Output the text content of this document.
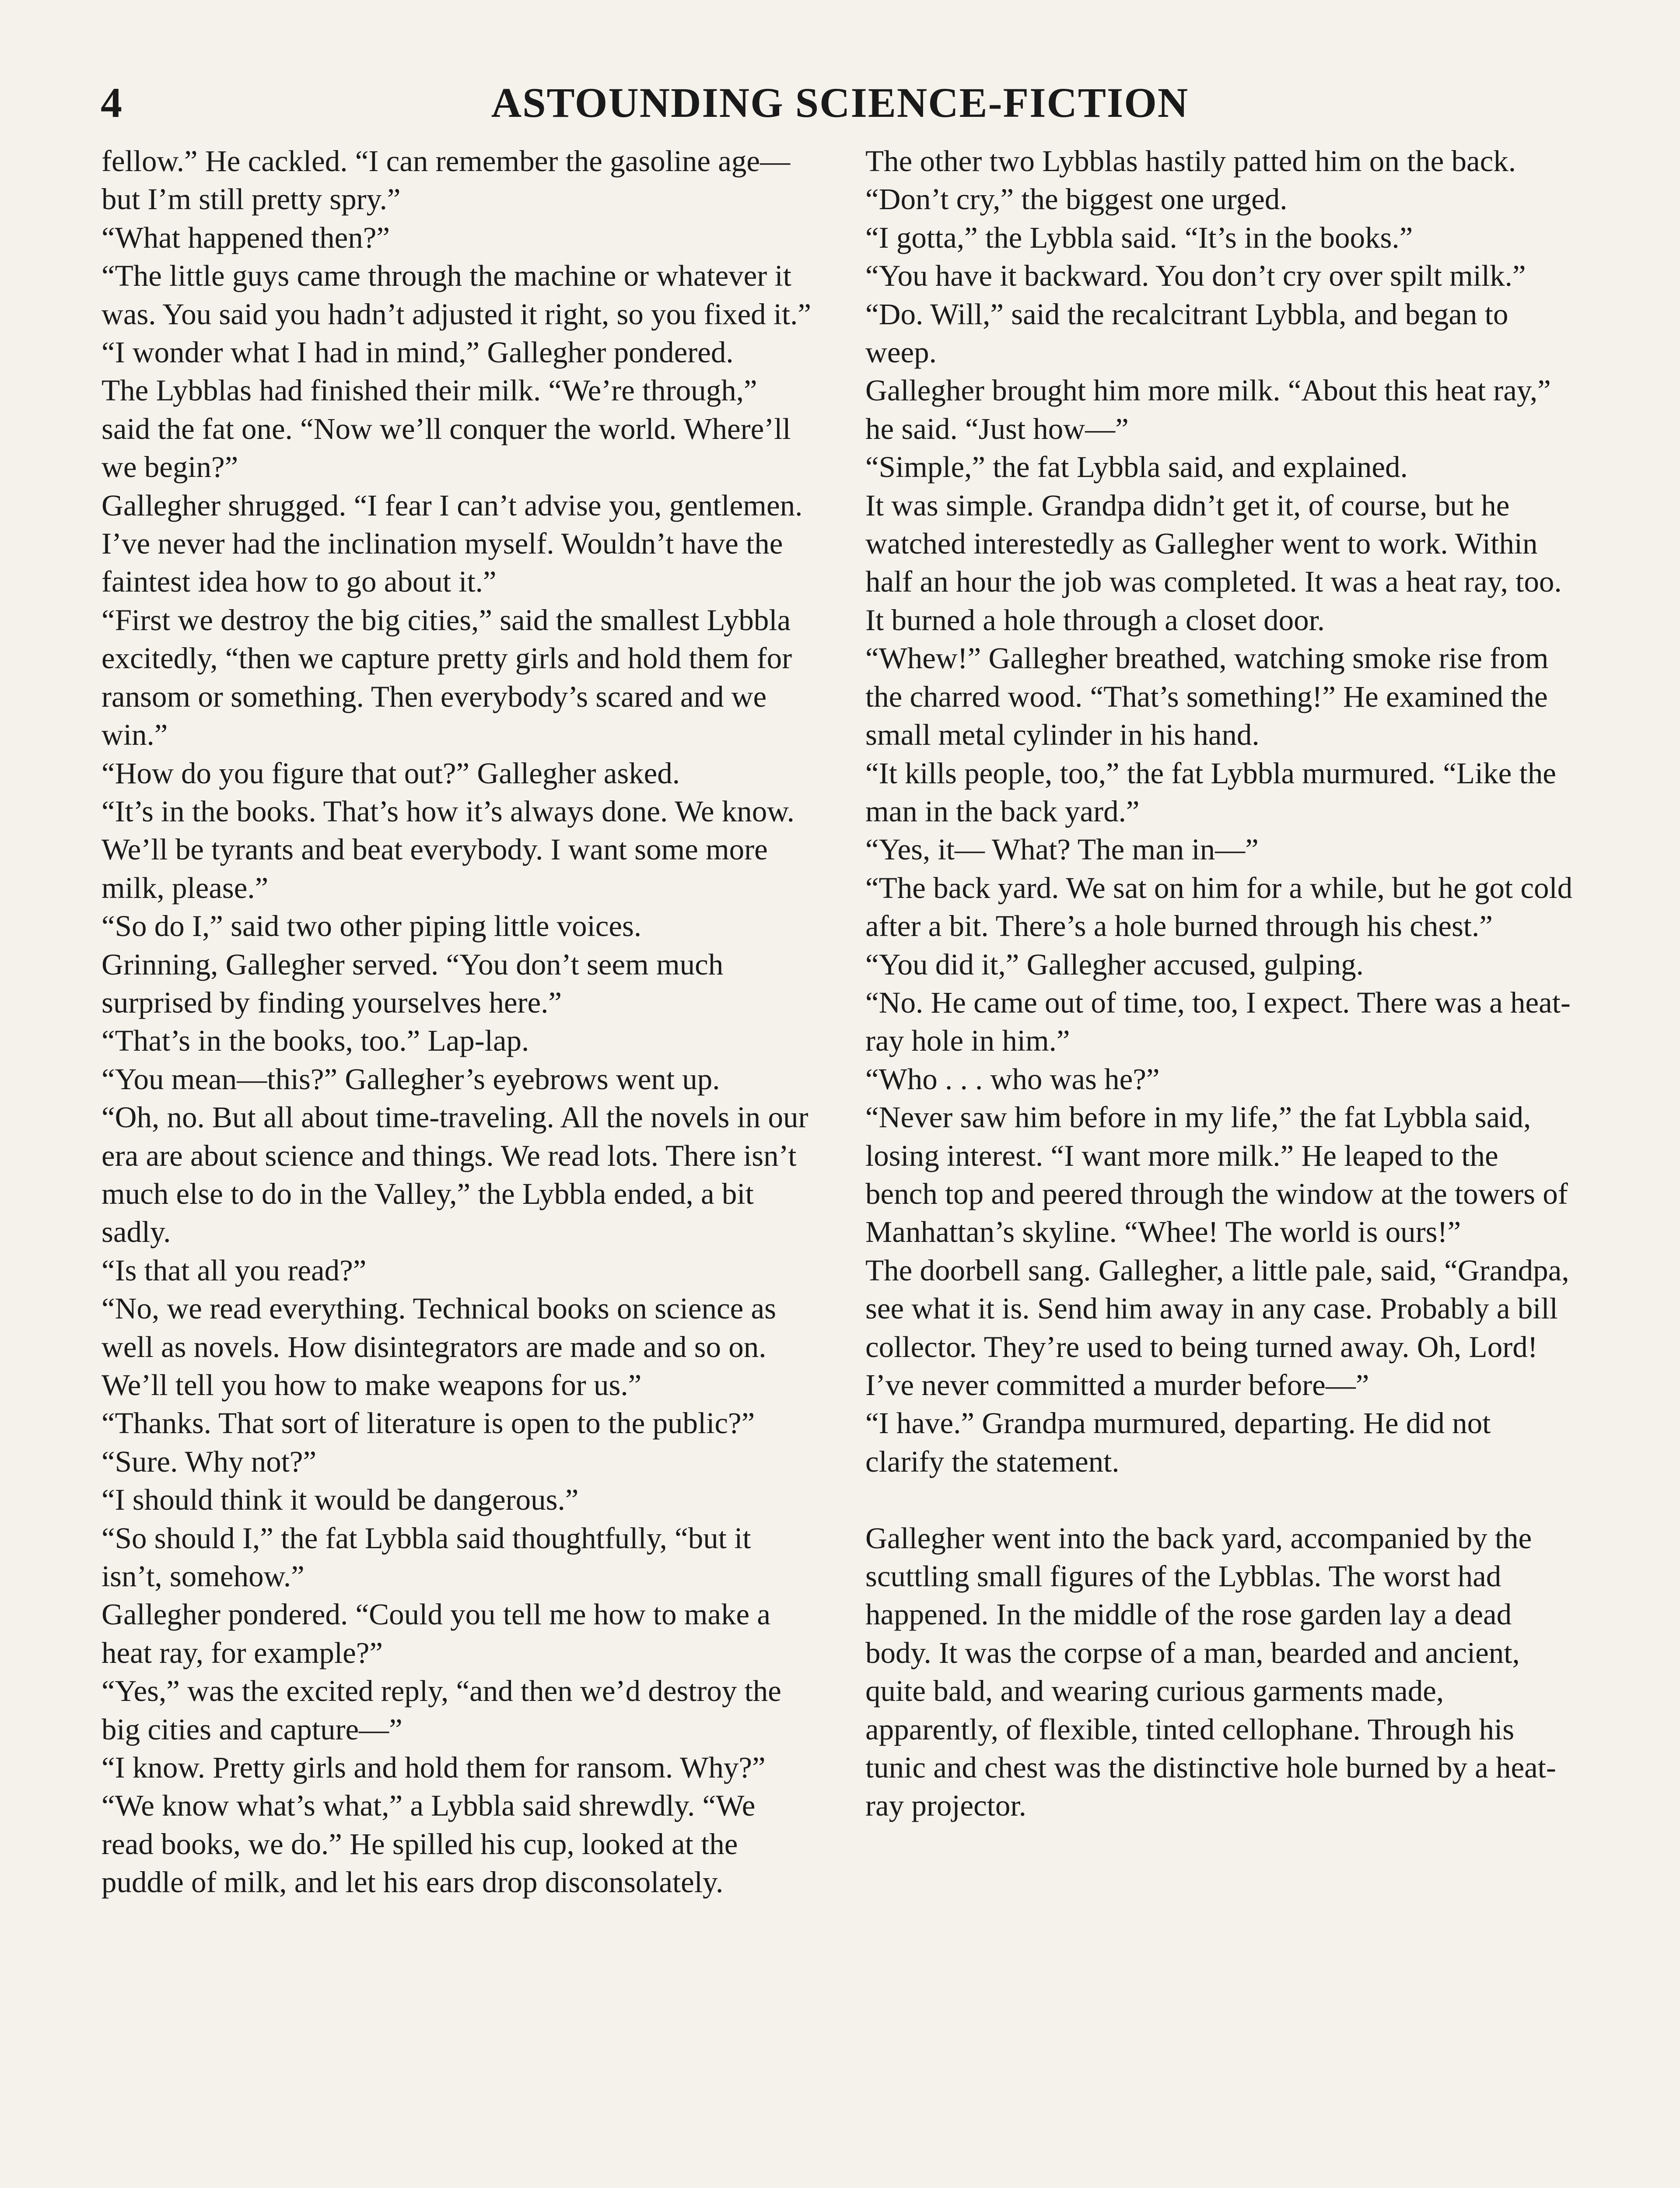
4	ASTOUNDING SCIENCE-FICTION

fellow.” He cackled. “I can remember the gasoline age—but I’m still pretty spry.”

“What happened then?”

“The little guys came through the machine or whatever it was. You said you hadn’t adjusted it right, so you fixed it.”

“I wonder what I had in mind,” Gallegher pondered.

The Lybblas had finished their milk. “We’re through,” said the fat one. “Now we’ll conquer the world. Where’ll we begin?”

Gallegher shrugged. “I fear I can’t advise you, gentlemen. I’ve never had the inclination myself. Wouldn’t have the faintest idea how to go about it.”

“First we destroy the big cities,” said the smallest Lybbla excitedly, “then we capture pretty girls and hold them for ransom or something. Then everybody’s scared and we win.”

“How do you figure that out?” Gallegher asked.

“It’s in the books. That’s how it’s always done. We know. We’ll be tyrants and beat everybody. I want some more milk, please.”

“So do I,” said two other piping little voices.

Grinning, Gallegher served. “You don’t seem much surprised by finding yourselves here.”

“That’s in the books, too.” Lap-lap.

“You mean—this?” Gallegher’s eyebrows went up.

“Oh, no. But all about time-traveling. All the novels in our era are about science and things. We read lots. There isn’t much else to do in the Valley,” the Lybbla ended, a bit sadly.

“Is that all you read?”

“No, we read everything. Technical books on science as well as novels. How disintegrators are made and so on. We’ll tell you how to make weapons for us.”

“Thanks. That sort of literature is open to the public?”

“Sure. Why not?”

“I should think it would be dangerous.”

“So should I,” the fat Lybbla said thoughtfully, “but it isn’t, somehow.”

Gallegher pondered. “Could you tell me how to make a heat ray, for example?”

“Yes,” was the excited reply, “and then we’d destroy the big cities and capture—”

“I know. Pretty girls and hold them for ransom. Why?”

“We know what’s what,” a Lybbla said shrewdly. “We read books, we do.” He spilled his cup, looked at the puddle of milk, and let his ears drop disconsolately.

The other two Lybblas hastily patted him on the back. “Don’t cry,” the biggest one urged.

“I gotta,” the Lybbla said. “It’s in the books.”

“You have it backward. You don’t cry over spilt milk.”

“Do. Will,” said the recalcitrant Lybbla, and began to weep.

Gallegher brought him more milk. “About this heat ray,” he said. “Just how—”

“Simple,” the fat Lybbla said, and explained.

It was simple. Grandpa didn’t get it, of course, but he watched interestedly as Gallegher went to work. Within half an hour the job was completed. It was a heat ray, too. It burned a hole through a closet door.

“Whew!” Gallegher breathed, watching smoke rise from the charred wood. “That’s something!” He examined the small metal cylinder in his hand.

“It kills people, too,” the fat Lybbla murmured. “Like the man in the back yard.”

“Yes, it— What? The man in—”

“The back yard. We sat on him for a while, but he got cold after a bit. There’s a hole burned through his chest.”

“You did it,” Gallegher accused, gulping.

“No. He came out of time, too, I expect. There was a heat-ray hole in him.”

“Who . . . who was he?”

“Never saw him before in my life,” the fat Lybbla said, losing interest. “I want more milk.” He leaped to the bench top and peered through the window at the towers of Manhattan’s skyline. “Whee! The world is ours!”

The doorbell sang. Gallegher, a little pale, said, “Grandpa, see what it is. Send him away in any case. Probably a bill collector. They’re used to being turned away. Oh, Lord! I’ve never committed a murder before—”

“I have.” Grandpa murmured, departing. He did not clarify the statement.

Gallegher went into the back yard, accompanied by the scuttling small figures of the Lybblas. The worst had happened. In the middle of the rose garden lay a dead body. It was the corpse of a man, bearded and ancient, quite bald, and wearing curious garments made, apparently, of flexible, tinted cellophane. Through his tunic and chest was the distinctive hole burned by a heat-ray projector.
